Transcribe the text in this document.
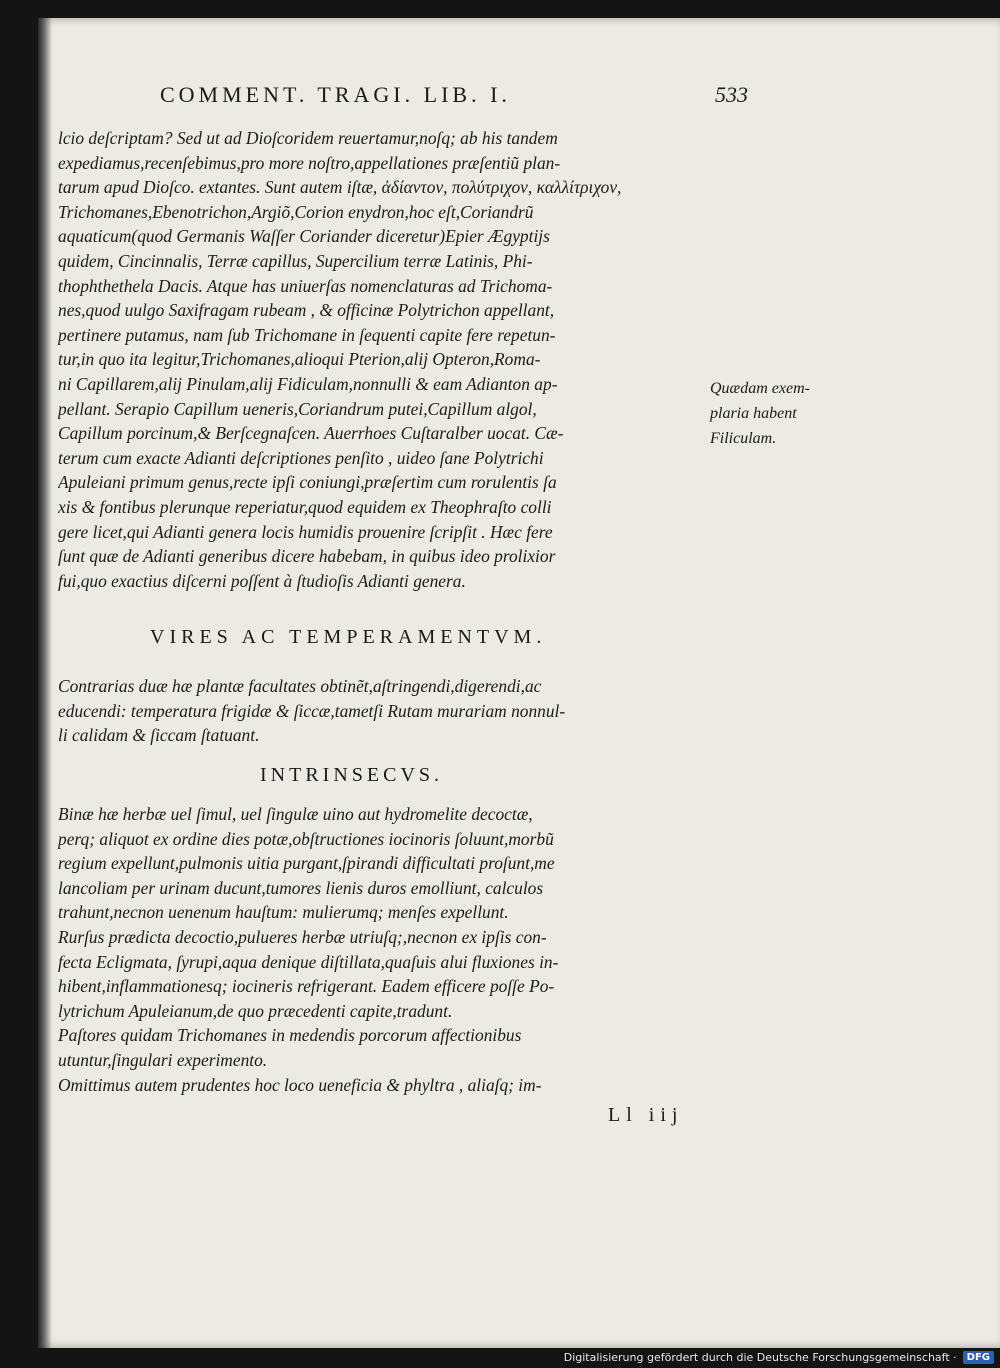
COMMENT. TRAGI. LIB. I.	533
lcio deſcriptam? Sed ut ad Dioſcoridem reuertamur,noſq; ab his tandem
expediamus,recenſebimus,pro more noſtro,appellationes præſentiũ plan-
tarum apud Dioſco. extantes. Sunt autem iſtæ, ἀδίαντον, πολύτριχον, καλλίτριχον,
Trichomanes,Ebenotrichon,Argiõ,Corion enydron,hoc eſt,Coriandrũ
aquaticum(quod Germanis Waſſer Coriander diceretur)Epier Ægyptijs
quidem, Cincinnalis, Terræ capillus, Supercilium terræ Latinis, Phi-
thophthethela Dacis. Atque has uniuerſas nomenclaturas ad Trichoma-
nes,quod uulgo Saxifragam rubeam , & officinæ Polytrichon appellant,
pertinere putamus, nam ſub Trichomane in ſequenti capite fere repetun-
tur,in quo ita legitur,Trichomanes,alioqui Pterion,alij Opteron,Roma-
ni Capillarem,alij Pinulam,alij Fidiculam,nonnulli & eam Adianton ap-
pellant. Serapio Capillum ueneris,Coriandrum putei,Capillum algol,
Capillum porcinum,& Berſcegnaſcen. Auerrhoes Cuſtaralber uocat. Cæ-
terum cum exacte Adianti deſcriptiones penſito , uideo ſane Polytrichi
Apuleiani primum genus,recte ipſi coniungi,præſertim cum rorulentis ſa
xis & fontibus plerunque reperiatur,quod equidem ex Theophraſto colli
gere licet,qui Adianti genera locis humidis prouenire ſcripſit . Hæc fere
ſunt quæ de Adianti generibus dicere habebam, in quibus ideo prolixior
fui,quo exactius diſcerni poſſent à ſtudioſis Adianti genera.
Quædam exem-
plaria habent
Filiculam.
VIRES AC TEMPERAMENTVM.
Contrarias duæ hæ plantæ facultates obtinẽt,aſtringendi,digerendi,ac
educendi: temperatura frigidæ & ſiccæ,tametſi Rutam murariam nonnul-
li calidam & ſiccam ſtatuant.
INTRINSECVS.
Binæ hæ herbæ uel ſimul, uel ſingulæ uino aut hydromelite decoctæ,
perq; aliquot ex ordine dies potæ,obſtructiones iocinoris ſoluunt,morbũ
regium expellunt,pulmonis uitia purgant,ſpirandi difficultati proſunt,me
lancoliam per urinam ducunt,tumores lienis duros emolliunt, calculos
trahunt,necnon uenenum hauſtum: mulierumq; menſes expellunt.
Rurſus prædicta decoctio,pulueres herbæ utriuſq;,necnon ex ipſis con-
fecta Ecligmata, ſyrupi,aqua denique diſtillata,quaſuis alui fluxiones in-
hibent,inflammationesq; iocineris refrigerant. Eadem efficere poſſe Po-
lytrichum Apuleianum,de quo præcedenti capite,tradunt.
Paſtores quidam Trichomanes in medendis porcorum affectionibus
utuntur,ſingulari experimento.
Omittimus autem prudentes hoc loco ueneficia & phyltra , aliaſq; im-
Ll iij
Digitalisierung gefördert durch die Deutsche Forschungsgemeinschaft ·	DFG
